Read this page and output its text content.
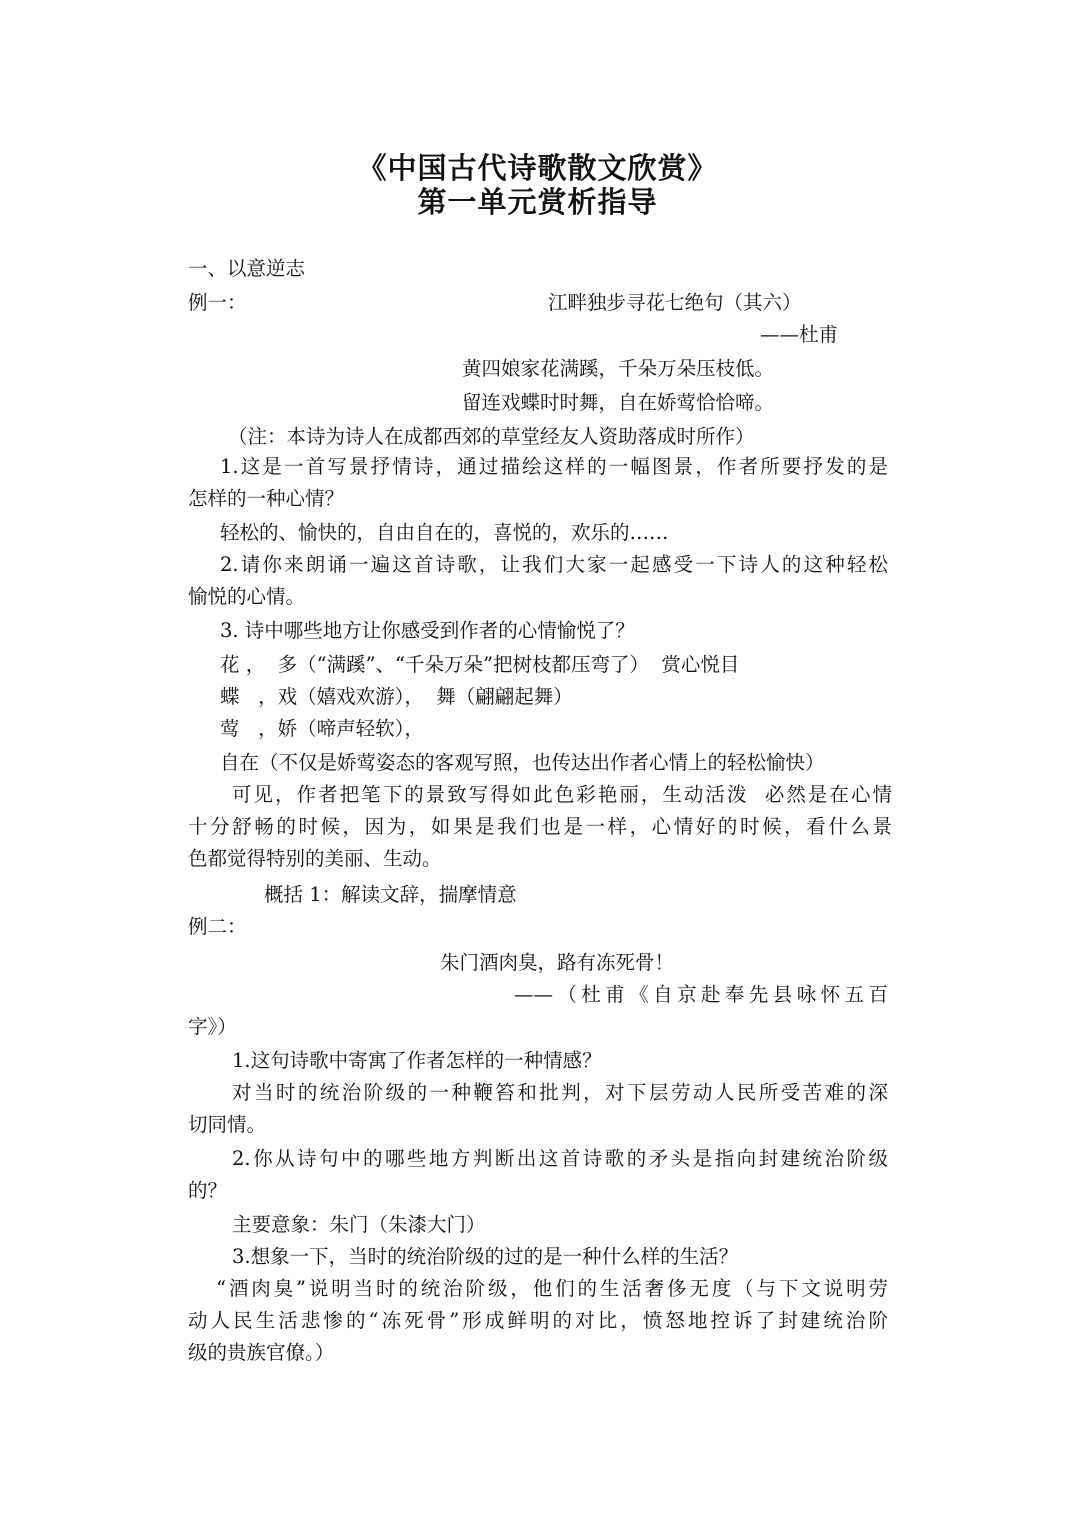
《中国古代诗歌散文欣赏》
第一单元赏析指导
一、以意逆志
例一：	江畔独步寻花七绝句（其六）
——杜甫
黄四娘家花满蹊，千朵万朵压枝低。
留连戏蝶时时舞，自在娇莺恰恰啼。
（注：本诗为诗人在成都西郊的草堂经友人资助落成时所作）
1.这是一首写景抒情诗，通过描绘这样的一幅图景，作者所要抒发的是
怎样的一种心情？
轻松的、愉快的，自由自在的，喜悦的，欢乐的……
2.请你来朗诵一遍这首诗歌，让我们大家一起感受一下诗人的这种轻松
愉悦的心情。
3. 诗中哪些地方让你感受到作者的心情愉悦了？
花 ，  多（“满蹊”、“千朵万朵”把树枝都压弯了）  赏心悦目
蝶   ，戏（嬉戏欢游），  舞（翩翩起舞）
莺   ，娇（啼声轻软），
自在（不仅是娇莺姿态的客观写照，也传达出作者心情上的轻松愉快）
可见，作者把笔下的景致写得如此色彩艳丽，生动活泼  必然是在心情
十分舒畅的时候，因为，如果是我们也是一样，心情好的时候，看什么景
色都觉得特别的美丽、生动。
概括 1：解读文辞，揣摩情意
例二：
朱门酒肉臭，路有冻死骨！
——（杜甫《自京赴奉先县咏怀五百
字》）
1.这句诗歌中寄寓了作者怎样的一种情感？
对当时的统治阶级的一种鞭笞和批判，对下层劳动人民所受苦难的深
切同情。
2.你从诗句中的哪些地方判断出这首诗歌的矛头是指向封建统治阶级
的？
主要意象：朱门（朱漆大门）
3.想象一下，当时的统治阶级的过的是一种什么样的生活？
“酒肉臭”说明当时的统治阶级，他们的生活奢侈无度（与下文说明劳
动人民生活悲惨的“冻死骨”形成鲜明的对比，愤怒地控诉了封建统治阶
级的贵族官僚。）
